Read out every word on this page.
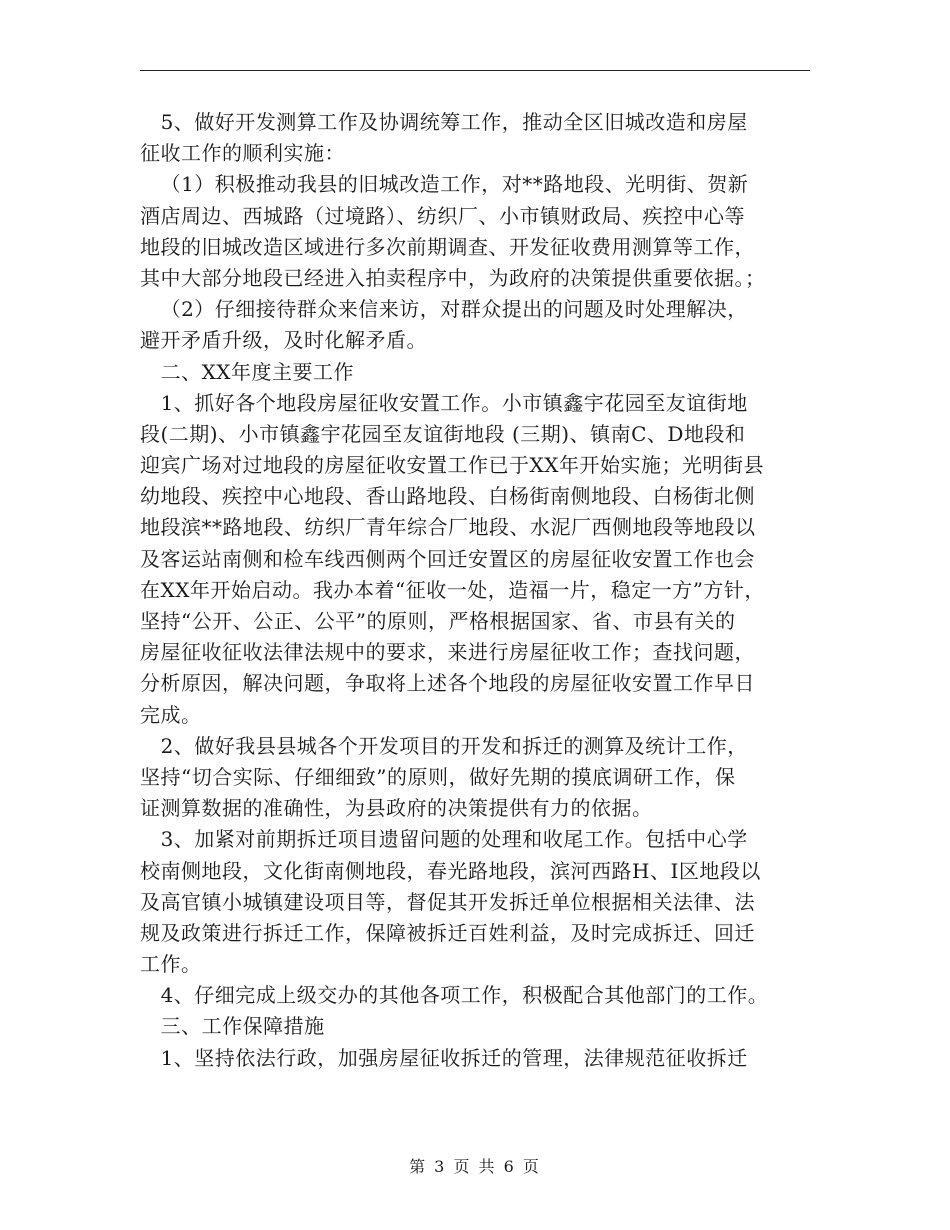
5、做好开发测算工作及协调统筹工作，推动全区旧城改造和房屋
征收工作的顺利实施：
（1）积极推动我县的旧城改造工作，对**路地段、光明街、贺新
酒店周边、西城路（过境路）、纺织厂、小市镇财政局、疾控中心等
地段的旧城改造区域进行多次前期调查、开发征收费用测算等工作，
其中大部分地段已经进入拍卖程序中，为政府的决策提供重要依据。；
（2）仔细接待群众来信来访，对群众提出的问题及时处理解决，
避开矛盾升级，及时化解矛盾。
二、XX年度主要工作
1、抓好各个地段房屋征收安置工作。小市镇鑫宇花园至友谊街地
段(二期)、小市镇鑫宇花园至友谊街地段 (三期)、镇南C、D地段和
迎宾广场对过地段的房屋征收安置工作已于XX年开始实施；光明街县
幼地段、疾控中心地段、香山路地段、白杨街南侧地段、白杨街北侧
地段滨**路地段、纺织厂青年综合厂地段、水泥厂西侧地段等地段以
及客运站南侧和检车线西侧两个回迁安置区的房屋征收安置工作也会
在XX年开始启动。我办本着“征收一处，造福一片，稳定一方”方针，
坚持“公开、公正、公平”的原则，严格根据国家、省、市县有关的
房屋征收征收法律法规中的要求，来进行房屋征收工作；查找问题，
分析原因，解决问题，争取将上述各个地段的房屋征收安置工作早日
完成。
2、做好我县县城各个开发项目的开发和拆迁的测算及统计工作，
坚持“切合实际、仔细细致”的原则，做好先期的摸底调研工作，保
证测算数据的准确性，为县政府的决策提供有力的依据。
3、加紧对前期拆迁项目遗留问题的处理和收尾工作。包括中心学
校南侧地段，文化街南侧地段，春光路地段，滨河西路H、I区地段以
及高官镇小城镇建设项目等，督促其开发拆迁单位根据相关法律、法
规及政策进行拆迁工作，保障被拆迁百姓利益，及时完成拆迁、回迁
工作。
4、仔细完成上级交办的其他各项工作，积极配合其他部门的工作。
三、工作保障措施
1、坚持依法行政，加强房屋征收拆迁的管理，法律规范征收拆迁
第 3 页 共 6 页
